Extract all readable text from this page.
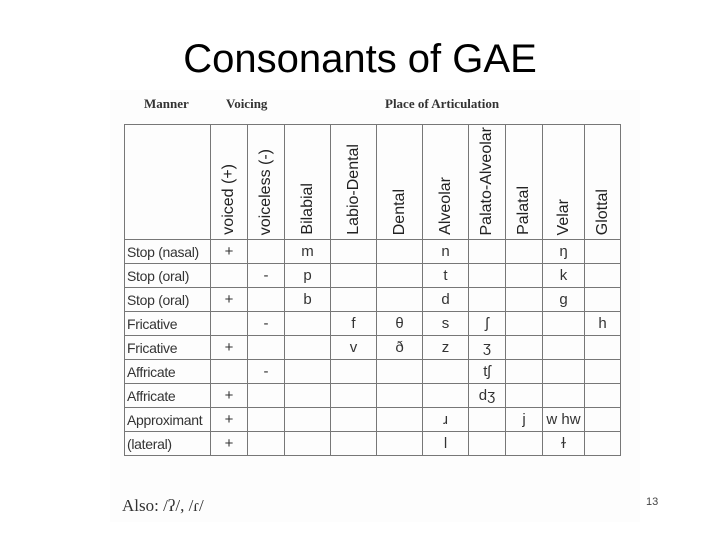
Consonants of GAE
Manner	Voicing	Place of Articulation

	voiced (+)	voiceless (-)	Bilabial	Labio-Dental	Dental	Alveolar	Palato-Alveolar	Palatal	Velar	Glottal

Stop (nasal)	+		m			n			ŋ	
Stop (oral)		-	p			t			k	
Stop (oral)	+		b			d			g	
Fricative		-		f	θ	s	ʃ			h
Fricative	+			v	ð	z	ʒ			
Affricate		-					tʃ			
Affricate	+						dʒ			
Approximant	+					ɹ		j	w hw	
(lateral)	+					l			ɫ	
Also: /ʔ/, /ɾ/	13
